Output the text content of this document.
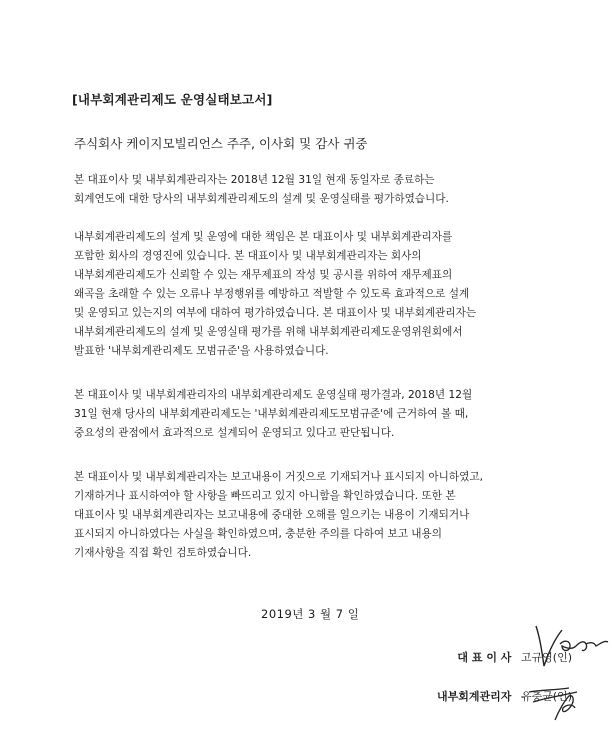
[내부회계관리제도 운영실태보고서]
주식회사 케이지모빌리언스 주주, 이사회 및 감사 귀중
본 대표이사 및 내부회계관리자는 2018년 12월 31일 현재 동일자로 종료하는
회계연도에 대한 당사의 내부회계관리제도의 설계 및 운영실태를 평가하였습니다.
내부회계관리제도의 설계 및 운영에 대한 책임은 본 대표이사 및 내부회계관리자를
포함한 회사의 경영진에 있습니다. 본 대표이사 및 내부회계관리자는 회사의
내부회계관리제도가 신뢰할 수 있는 재무제표의 작성 및 공시를 위하여 재무제표의
왜곡을 초래할 수 있는 오류나 부정행위를 예방하고 적발할 수 있도록 효과적으로 설계
및 운영되고 있는지의 여부에 대하여 평가하였습니다. 본 대표이사 및 내부회계관리자는
내부회계관리제도의 설계 및 운영실태 평가를 위해 내부회계관리제도운영위원회에서
발표한 '내부회계관리제도 모범규준'을 사용하였습니다.
본 대표이사 및 내부회계관리자의 내부회계관리제도 운영실태 평가결과, 2018년 12월
31일 현재 당사의 내부회계관리제도는 '내부회계관리제도모범규준'에 근거하여 볼 때,
중요성의 관점에서 효과적으로 설계되어 운영되고 있다고 판단됩니다.
본 대표이사 및 내부회계관리자는 보고내용이 거짓으로 기재되거나 표시되지 아니하였고,
기재하거나 표시하여야 할 사항을 빠뜨리고 있지 아니함을 확인하였습니다. 또한 본
대표이사 및 내부회계관리자는 보고내용에 중대한 오해를 일으키는 내용이 기재되거나
표시되지 아니하였다는 사실을 확인하였으며, 충분한 주의를 다하여 보고 내용의
기재사항을 직접 확인 검토하였습니다.
2019년 3 월 7 일
대 표 이 사 고규영(인)
내부회계관리자 유충균(인)
